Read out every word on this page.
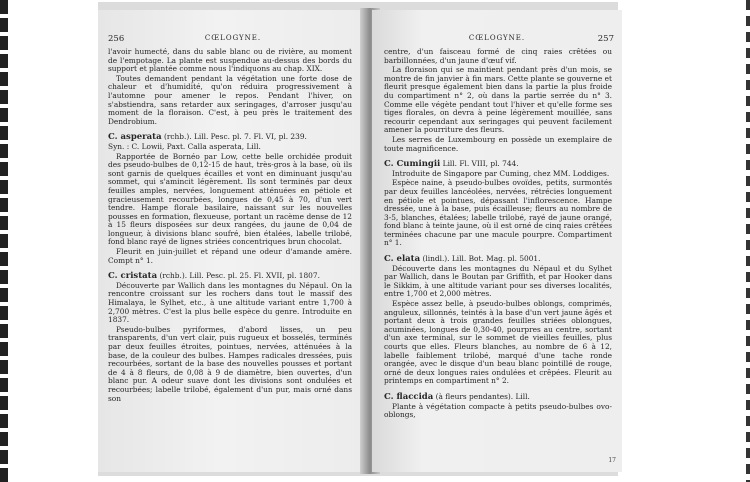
256	CŒLOGYNE.

l'avoir humecté, dans du sable blanc ou de rivière, au moment de l'empotage. La plante est suspendue au-dessus des bords du support et plantée comme nous l'indiquons au chap. XIX.

Toutes demandent pendant la végétation une forte dose de chaleur et d'humidité, qu'on réduira progressivement à l'automne pour amener le repos. Pendant l'hiver, on s'abstiendra, sans retarder aux seringages, d'arroser jusqu'au moment de la floraison. C'est, à peu près le traitement des Dendrobium.

C. asperata (rchb.). Lill. Pesc. pl. 7. Fl. VI, pl. 239.

Syn. : C. Lowii, Paxt. Calla asperata, Lill.

Rapportée de Bornéo par Low, cette belle orchidée produit des pseudo-bulbes de 0,12-15 de haut, très-gros à la base, où ils sont garnis de quelques écailles et vont en diminuant jusqu'au sommet, qui s'amincit légèrement. Ils sont terminés par deux feuilles amples, nervées, longuement atténuées en pétiole et gracieusement recourbées, longues de 0,45 à 70, d'un vert tendre. Hampe florale basilaire, naissant sur les nouvelles pousses en formation, flexueuse, portant un racème dense de 12 à 15 fleurs disposées sur deux rangées, du jaune de 0,04 de longueur, à divisions blanc soufré, bien étalées, labelle trilobé, fond blanc rayé de lignes striées concentriques brun chocolat.

Fleurit en juin-juillet et répand une odeur d'amande amère. Compt n° 1.

C. cristata (rchb.). Lill. Pesc. pl. 25. Fl. XVII, pl. 1807.

Découverte par Wallich dans les montagnes du Népaul. On la rencontre croissant sur les rochers dans tout le massif des Himalaya, le Sylhet, etc., à une altitude variant entre 1,700 à 2,700 mètres. C'est la plus belle espèce du genre. Introduite en 1837.

Pseudo-bulbes pyriformes, d'abord lisses, un peu transparents, d'un vert clair, puis rugueux et bosselés, terminés par deux feuilles étroites, pointues, nervées, atténuées à la base, de la couleur des bulbes. Hampes radicales dressées, puis recourbées, sortant de la base des nouvelles pousses et portant de 4 à 8 fleurs, de 0,08 à 9 de diamètre, bien ouvertes, d'un blanc pur. A odeur suave dont les divisions sont ondulées et recourbées; labelle trilobé, également d'un pur, mais orné dans son

CŒLOGYNE.	257

centre, d'un faisceau formé de cinq raies crêtées ou barbillonnées, d'un jaune d'œuf vif.

La floraison qui se maintient pendant près d'un mois, se montre de fin janvier à fin mars. Cette plante se gouverne et fleurit presque également bien dans la partie la plus froide du compartiment n° 2, où dans la partie serrée du n° 3. Comme elle végète pendant tout l'hiver et qu'elle forme ses tiges florales, on devra à peine légèrement mouillée, sans recourir cependant aux seringages qui peuvent facilement amener la pourriture des fleurs.

Les serres de Luxembourg en possède un exemplaire de toute magnificence.

C. Cumingii Lill. Fl. VIII, pl. 744.

Introduite de Singapore par Cuming, chez MM. Loddiges.

Espèce naine, à pseudo-bulbes ovoïdes, petits, surmontés par deux feuilles lancéolées, nervées, rétrécies longuement en pétiole et pointues, dépassant l'inflorescence. Hampe dressée, une à la base, puis écailleuse; fleurs au nombre de 3-5, blanches, étalées; labelle trilobé, rayé de jaune orangé, fond blanc à teinte jaune, où il est orné de cinq raies crêtées terminées chacune par une macule pourpre. Compartiment n° 1.

C. elata (lindl.). Lill. Bot. Mag. pl. 5001.

Découverte dans les montagnes du Népaul et du Sylhet par Wallich, dans le Boutan par Griffith, et par Hooker dans le Sikkim, à une altitude variant pour ses diverses localités, entre 1,700 et 2,000 mètres.

Espèce assez belle, à pseudo-bulbes oblongs, comprimés, anguleux, sillonnés, teintés à la base d'un vert jaune âgés et portant deux à trois grandes feuilles striées oblongues, acuminées, longues de 0,30-40, pourpres au centre, sortant d'un axe terminal, sur le sommet de vieilles feuilles, plus courts que elles. Fleurs blanches, au nombre de 6 à 12, labelle faiblement trilobé, marqué d'une tache ronde orangée, avec le disque d'un beau blanc pointillé de rouge, orné de deux longues raies ondulées et crêpées. Fleurit au printemps en compartiment n° 2.

C. flaccida (à fleurs pendantes). Lill.

Plante à végétation compacte à petits pseudo-bulbes ovo-oblongs,

17
